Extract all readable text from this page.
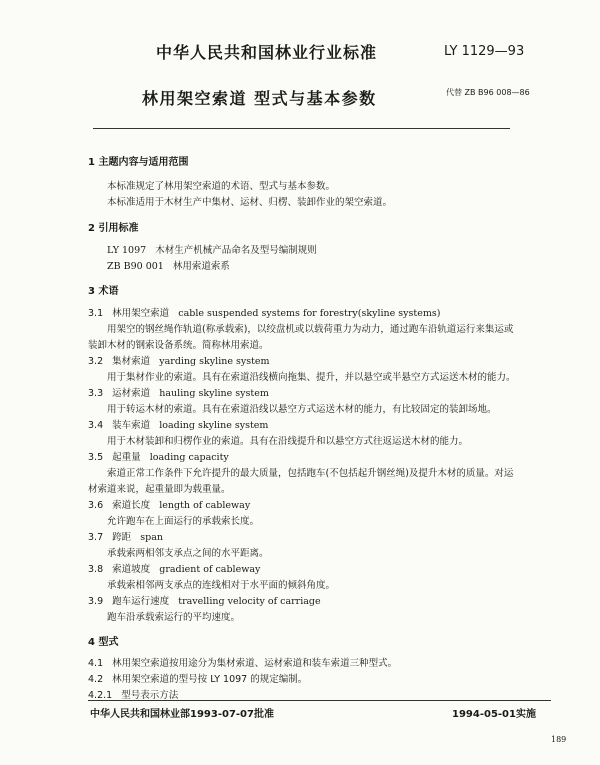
中华人民共和国林业行业标准	LY 1129—93
林用架空索道 型式与基本参数	代替 ZB B96 008—86
1 主题内容与适用范围
本标准规定了林用架空索道的术语、型式与基本参数。
本标准适用于木材生产中集材、运材、归楞、装卸作业的架空索道。
2 引用标准
LY 1097 木材生产机械产品命名及型号编制规则
ZB B90 001 林用索道索系
3 术语
3.1 林用架空索道 cable suspended systems for forestry(skyline systems)
用架空的钢丝绳作轨道(称承载索)，以绞盘机或以载荷重力为动力，通过跑车沿轨道运行来集运或
装卸木材的钢索设备系统。简称林用索道。
3.2 集材索道 yarding skyline system
用于集材作业的索道。具有在索道沿线横向拖集、提升，并以悬空或半悬空方式运送木材的能力。
3.3 运材索道 hauling skyline system
用于转运木材的索道。具有在索道沿线以悬空方式运送木材的能力，有比较固定的装卸场地。
3.4 装车索道 loading skyline system
用于木材装卸和归楞作业的索道。具有在沿线提升和以悬空方式往返运送木材的能力。
3.5 起重量 loading capacity
索道正常工作条件下允许提升的最大质量，包括跑车(不包括起升钢丝绳)及提升木材的质量。对运
材索道来说，起重量即为载重量。
3.6 索道长度 length of cableway
允许跑车在上面运行的承载索长度。
3.7 跨距 span
承载索两相邻支承点之间的水平距离。
3.8 索道坡度 gradient of cableway
承载索相邻两支承点的连线相对于水平面的倾斜角度。
3.9 跑车运行速度 travelling velocity of carriage
跑车沿承载索运行的平均速度。
4 型式
4.1 林用架空索道按用途分为集材索道、运材索道和装车索道三种型式。
4.2 林用架空索道的型号按 LY 1097 的规定编制。
4.2.1 型号表示方法
中华人民共和国林业部1993-07-07批准	1994-05-01实施
189
